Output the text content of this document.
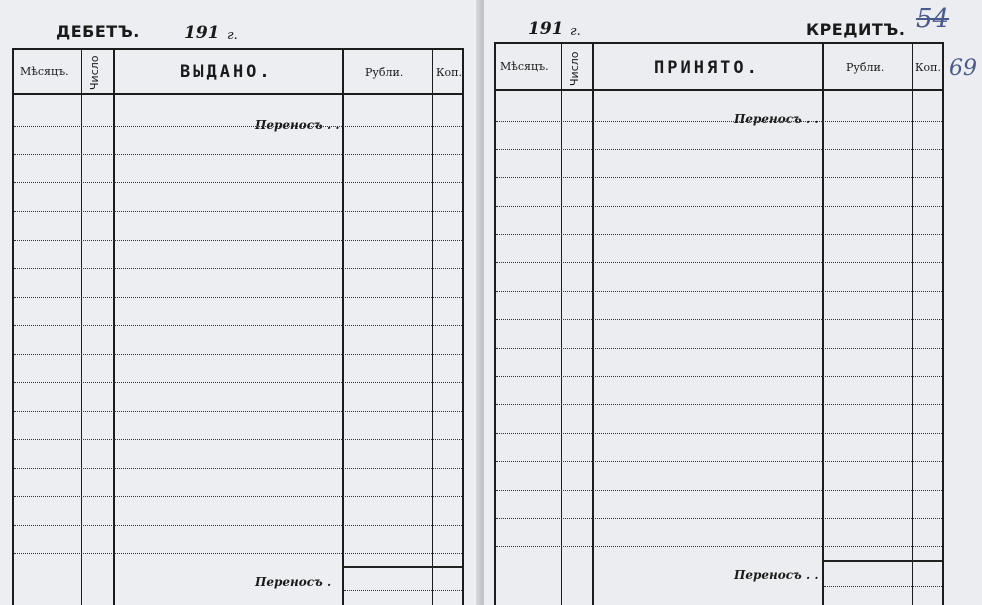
ДЕБЕТЪ.	191 г.
Мѣсяцъ. Число	ВЫДАНО.	Рубли.	Коп.
Переносъ . .
Переносъ .
191 г.	КРЕДИТЪ. 54
69
Мѣсяцъ. Число	ПРИНЯТО.	Рубли.	Коп.
Переносъ . .
Переносъ . .
